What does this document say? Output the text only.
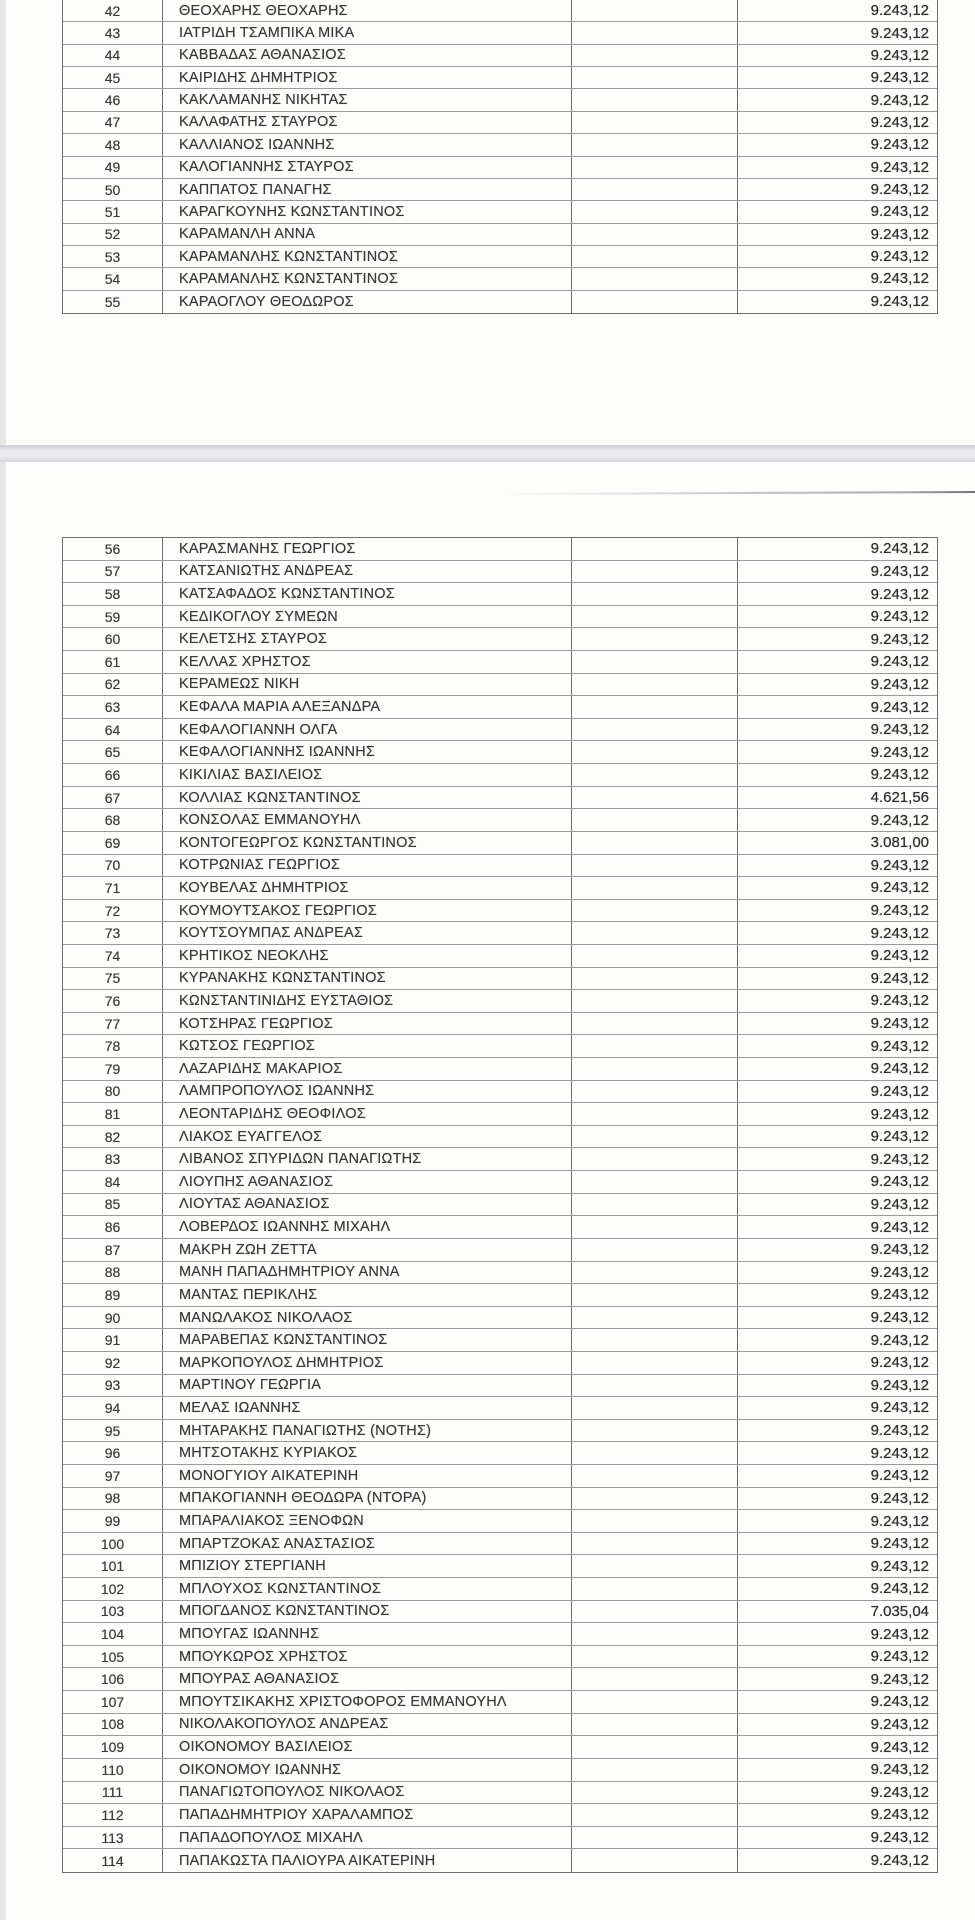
42	ΘΕΟΧΑΡΗΣ ΘΕΟΧΑΡΗΣ	9.243,12
43	ΙΑΤΡΙΔΗ ΤΣΑΜΠΙΚΑ ΜΙΚΑ	9.243,12
44	ΚΑΒΒΑΔΑΣ ΑΘΑΝΑΣΙΟΣ	9.243,12
45	ΚΑΙΡΙΔΗΣ ΔΗΜΗΤΡΙΟΣ	9.243,12
46	ΚΑΚΛΑΜΑΝΗΣ ΝΙΚΗΤΑΣ	9.243,12
47	ΚΑΛΑΦΑΤΗΣ ΣΤΑΥΡΟΣ	9.243,12
48	ΚΑΛΛΙΑΝΟΣ ΙΩΑΝΝΗΣ	9.243,12
49	ΚΑΛΟΓΙΑΝΝΗΣ ΣΤΑΥΡΟΣ	9.243,12
50	ΚΑΠΠΑΤΟΣ ΠΑΝΑΓΗΣ	9.243,12
51	ΚΑΡΑΓΚΟΥΝΗΣ ΚΩΝΣΤΑΝΤΙΝΟΣ	9.243,12
52	ΚΑΡΑΜΑΝΛΗ ΑΝΝΑ	9.243,12
53	ΚΑΡΑΜΑΝΛΗΣ ΚΩΝΣΤΑΝΤΙΝΟΣ	9.243,12
54	ΚΑΡΑΜΑΝΛΗΣ ΚΩΝΣΤΑΝΤΙΝΟΣ	9.243,12
55	ΚΑΡΑΟΓΛΟΥ ΘΕΟΔΩΡΟΣ	9.243,12
56	ΚΑΡΑΣΜΑΝΗΣ ΓΕΩΡΓΙΟΣ	9.243,12
57	ΚΑΤΣΑΝΙΩΤΗΣ ΑΝΔΡΕΑΣ	9.243,12
58	ΚΑΤΣΑΦΑΔΟΣ ΚΩΝΣΤΑΝΤΙΝΟΣ	9.243,12
59	ΚΕΔΙΚΟΓΛΟΥ ΣΥΜΕΩΝ	9.243,12
60	ΚΕΛΕΤΣΗΣ ΣΤΑΥΡΟΣ	9.243,12
61	ΚΕΛΛΑΣ ΧΡΗΣΤΟΣ	9.243,12
62	ΚΕΡΑΜΕΩΣ ΝΙΚΗ	9.243,12
63	ΚΕΦΑΛΑ ΜΑΡΙΑ ΑΛΕΞΑΝΔΡΑ	9.243,12
64	ΚΕΦΑΛΟΓΙΑΝΝΗ ΟΛΓΑ	9.243,12
65	ΚΕΦΑΛΟΓΙΑΝΝΗΣ ΙΩΑΝΝΗΣ	9.243,12
66	ΚΙΚΙΛΙΑΣ ΒΑΣΙΛΕΙΟΣ	9.243,12
67	ΚΟΛΛΙΑΣ ΚΩΝΣΤΑΝΤΙΝΟΣ	4.621,56
68	ΚΟΝΣΟΛΑΣ ΕΜΜΑΝΟΥΗΛ	9.243,12
69	ΚΟΝΤΟΓΕΩΡΓΟΣ ΚΩΝΣΤΑΝΤΙΝΟΣ	3.081,00
70	ΚΟΤΡΩΝΙΑΣ ΓΕΩΡΓΙΟΣ	9.243,12
71	ΚΟΥΒΕΛΑΣ ΔΗΜΗΤΡΙΟΣ	9.243,12
72	ΚΟΥΜΟΥΤΣΑΚΟΣ ΓΕΩΡΓΙΟΣ	9.243,12
73	ΚΟΥΤΣΟΥΜΠΑΣ ΑΝΔΡΕΑΣ	9.243,12
74	ΚΡΗΤΙΚΟΣ ΝΕΟΚΛΗΣ	9.243,12
75	ΚΥΡΑΝΑΚΗΣ ΚΩΝΣΤΑΝΤΙΝΟΣ	9.243,12
76	ΚΩΝΣΤΑΝΤΙΝΙΔΗΣ ΕΥΣΤΑΘΙΟΣ	9.243,12
77	ΚΟΤΣΗΡΑΣ ΓΕΩΡΓΙΟΣ	9.243,12
78	ΚΩΤΣΟΣ ΓΕΩΡΓΙΟΣ	9.243,12
79	ΛΑΖΑΡΙΔΗΣ ΜΑΚΑΡΙΟΣ	9.243,12
80	ΛΑΜΠΡΟΠΟΥΛΟΣ ΙΩΑΝΝΗΣ	9.243,12
81	ΛΕΟΝΤΑΡΙΔΗΣ ΘΕΟΦΙΛΟΣ	9.243,12
82	ΛΙΑΚΟΣ ΕΥΑΓΓΕΛΟΣ	9.243,12
83	ΛΙΒΑΝΟΣ ΣΠΥΡΙΔΩΝ ΠΑΝΑΓΙΩΤΗΣ	9.243,12
84	ΛΙΟΥΠΗΣ ΑΘΑΝΑΣΙΟΣ	9.243,12
85	ΛΙΟΥΤΑΣ ΑΘΑΝΑΣΙΟΣ	9.243,12
86	ΛΟΒΕΡΔΟΣ ΙΩΑΝΝΗΣ ΜΙΧΑΗΛ	9.243,12
87	ΜΑΚΡΗ ΖΩΗ ΖΕΤΤΑ	9.243,12
88	ΜΑΝΗ ΠΑΠΑΔΗΜΗΤΡΙΟΥ ΑΝΝΑ	9.243,12
89	ΜΑΝΤΑΣ ΠΕΡΙΚΛΗΣ	9.243,12
90	ΜΑΝΩΛΑΚΟΣ ΝΙΚΟΛΑΟΣ	9.243,12
91	ΜΑΡΑΒΕΠΑΣ ΚΩΝΣΤΑΝΤΙΝΟΣ	9.243,12
92	ΜΑΡΚΟΠΟΥΛΟΣ ΔΗΜΗΤΡΙΟΣ	9.243,12
93	ΜΑΡΤΙΝΟΥ ΓΕΩΡΓΙΑ	9.243,12
94	ΜΕΛΑΣ ΙΩΑΝΝΗΣ	9.243,12
95	ΜΗΤΑΡΑΚΗΣ ΠΑΝΑΓΙΩΤΗΣ (ΝΟΤΗΣ)	9.243,12
96	ΜΗΤΣΟΤΑΚΗΣ ΚΥΡΙΑΚΟΣ	9.243,12
97	ΜΟΝΟΓΥΙΟΥ ΑΙΚΑΤΕΡΙΝΗ	9.243,12
98	ΜΠΑΚΟΓΙΑΝΝΗ ΘΕΟΔΩΡΑ (ΝΤΟΡΑ)	9.243,12
99	ΜΠΑΡΑΛΙΑΚΟΣ ΞΕΝΟΦΩΝ	9.243,12
100	ΜΠΑΡΤΖΟΚΑΣ ΑΝΑΣΤΑΣΙΟΣ	9.243,12
101	ΜΠΙΖΙΟΥ ΣΤΕΡΓΙΑΝΗ	9.243,12
102	ΜΠΛΟΥΧΟΣ ΚΩΝΣΤΑΝΤΙΝΟΣ	9.243,12
103	ΜΠΟΓΔΑΝΟΣ ΚΩΝΣΤΑΝΤΙΝΟΣ	7.035,04
104	ΜΠΟΥΓΑΣ ΙΩΑΝΝΗΣ	9.243,12
105	ΜΠΟΥΚΩΡΟΣ ΧΡΗΣΤΟΣ	9.243,12
106	ΜΠΟΥΡΑΣ ΑΘΑΝΑΣΙΟΣ	9.243,12
107	ΜΠΟΥΤΣΙΚΑΚΗΣ ΧΡΙΣΤΟΦΟΡΟΣ ΕΜΜΑΝΟΥΗΛ	9.243,12
108	ΝΙΚΟΛΑΚΟΠΟΥΛΟΣ ΑΝΔΡΕΑΣ	9.243,12
109	ΟΙΚΟΝΟΜΟΥ ΒΑΣΙΛΕΙΟΣ	9.243,12
110	ΟΙΚΟΝΟΜΟΥ ΙΩΑΝΝΗΣ	9.243,12
111	ΠΑΝΑΓΙΩΤΟΠΟΥΛΟΣ ΝΙΚΟΛΑΟΣ	9.243,12
112	ΠΑΠΑΔΗΜΗΤΡΙΟΥ ΧΑΡΑΛΑΜΠΟΣ	9.243,12
113	ΠΑΠΑΔΟΠΟΥΛΟΣ ΜΙΧΑΗΛ	9.243,12
114	ΠΑΠΑΚΩΣΤΑ ΠΑΛΙΟΥΡΑ ΑΙΚΑΤΕΡΙΝΗ	9.243,12
